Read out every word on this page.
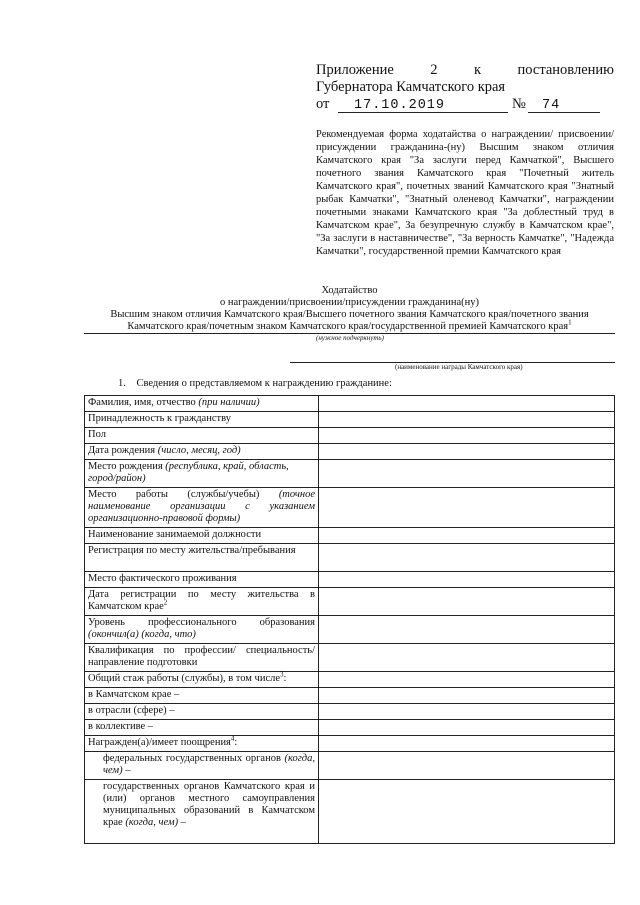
Приложение	2	к	постановлению
Губернатора Камчатского края
от 17.10.2019	№ 74
Рекомендуемая форма ходатайства о награждении/ присвоении/ присуждении гражданина-(ну) Высшим знаком отличия Камчатского края "За заслуги перед Камчаткой", Высшего почетного звания Камчатского края "Почетный житель Камчатского края", почетных званий Камчатского края "Знатный рыбак Камчатки", "Знатный оленевод Камчатки", награждении почетными знаками Камчатского края "За доблестный труд в Камчатском крае", За безупречную службу в Камчатском крае", "За заслуги в наставничестве", "За верность Камчатке", "Надежда Камчатки", государственной премии Камчатского края
Ходатайство
о награждении/присвоении/присуждении гражданина(ну)
Высшим знаком отличия Камчатского края/Высшего почетного звания Камчатского края/почетного звания
Камчатского края/почетным знаком Камчатского края/государственной премией Камчатского края$^1$
(нужное подчеркнуть)
(наименование награды Камчатского края)
1. Сведения о представляемом к награждению гражданине:
Фамилия, имя, отчество (при наличии)	
Принадлежность к гражданству	
Пол	
Дата рождения (число, месяц, год)	
Место рождения (республика, край, область, город/район)	
Место работы (службы/учебы) (точное наименование организации с указанием организационно-правовой формы)	
Наименование занимаемой должности	
Регистрация по месту жительства/пребывания	
Место фактического проживания	
Дата регистрации по месту жительства в Камчатском крае$^2$	
Уровень профессионального образования (окончил(а) (когда, что)	
Квалификация по профессии/ специальность/направление подготовки	
Общий стаж работы (службы), в том числе$^3$:	
в Камчатском крае –	
в отрасли (сфере) –	
в коллективе –	
Награжден(а)/имеет поощрения$^4$:	
федеральных государственных органов (когда, чем) –	
государственных органов Камчатского края и (или) органов местного самоуправления муниципальных образований в Камчатском крае (когда, чем) –	
